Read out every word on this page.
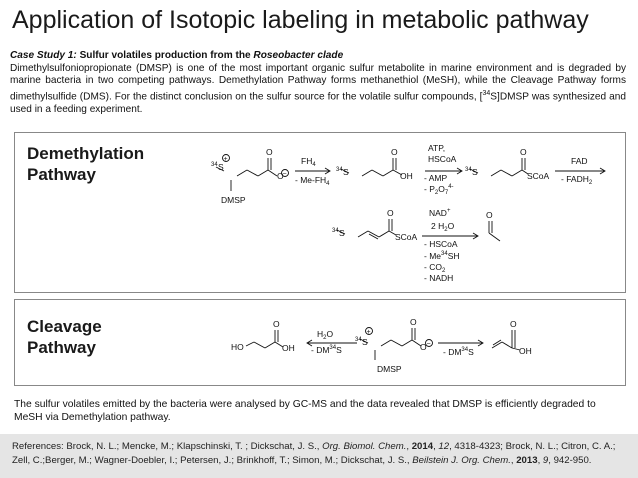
Application of Isotopic labeling in metabolic pathway
Case Study 1: Sulfur volatiles production from the Roseobacter clade
Dimethylsulfoniopropionate (DMSP) is one of the most important organic sulfur metabolite in marine environment and is degraded by marine bacteria in two competing pathways. Demethylation Pathway forms methanethiol (MeSH), while the Cleavage Pathway forms dimethylsulfide (DMS). For the distinct conclusion on the sulfur source for the volatile sulfur compounds, [$^{34}$S]DMSP was synthesized and used in a feeding experiment.
Demethylation
Pathway	34 S
+
O
O
−
DMSP
$FH_4$
- $Me-FH_4$
34 S
O
OH
ATP,
HSCoA
- AMP
- $P_2O_7^{4-}$
34 S
O
SCoA
FAD
- $FADH_2$
34 S
O
SCoA
NAD+
2 $H_2O$
- HSCoA
- Me$^{34}$SH
- $CO_2$
- NADH
O
Cleavage
Pathway	HO
O
OH
$H_2O$
- DM$^{34}$S
34 S
+
O
O −
DMSP
- DM$^{34}$S
O
OH
The sulfur volatiles emitted by the bacteria were analysed by GC-MS and the data revealed that DMSP is efficiently degraded to MeSH via Demethylation pathway.
References: Brock, N. L.; Mencke, M.; Klapschinski, T. ; Dickschat, J. S., Org. Biomol. Chem., 2014, 12, 4318-4323; Brock, N. L.; Citron, C. A.; Zell, C.;Berger, M.; Wagner-Doebler, I.; Petersen, J.; Brinkhoff, T.; Simon, M.; Dickschat, J. S., Beilstein J. Org. Chem., 2013, 9, 942-950.
